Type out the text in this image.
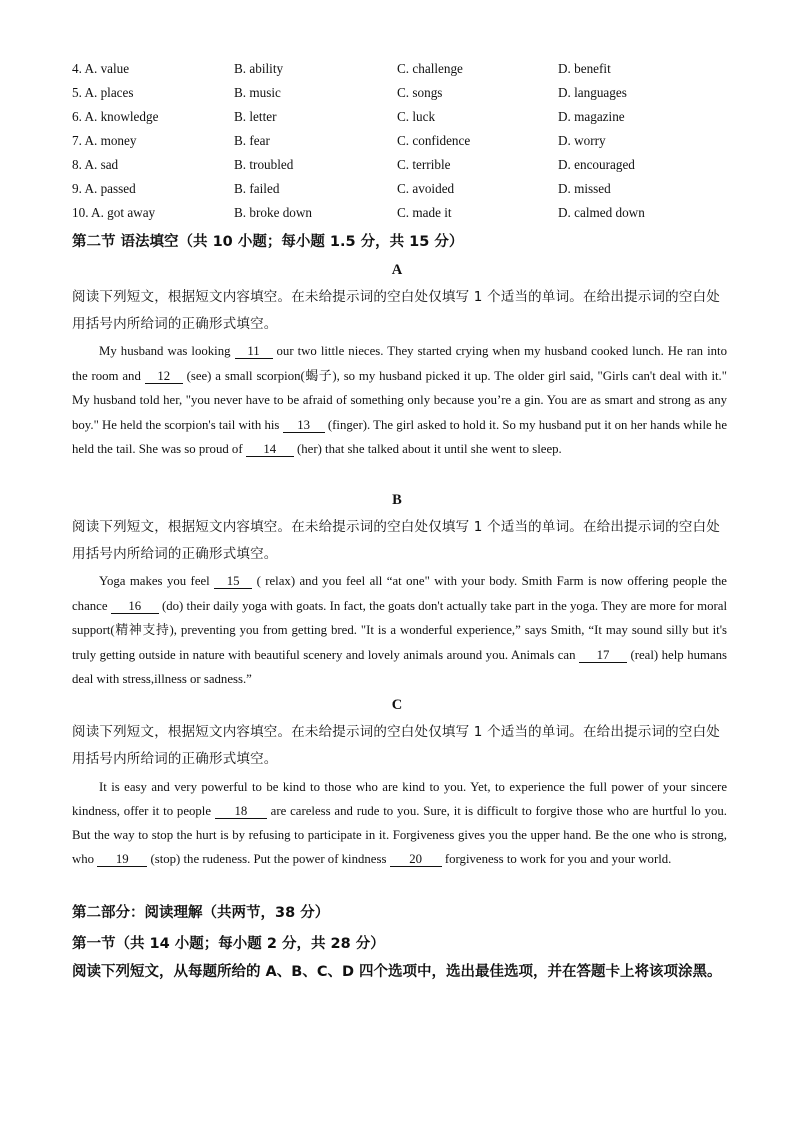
4. A. value	B. ability	C. challenge	D. benefit
5. A. places	B. music	C. songs	D. languages
6. A. knowledge	B. letter	C. luck	D. magazine
7. A. money	B. fear	C. confidence	D. worry
8. A. sad	B. troubled	C. terrible	D. encouraged
9. A. passed	B. failed	C. avoided	D. missed
10. A. got away	B. broke down	C. made it	D. calmed down
第二节 语法填空（共 10 小题；每小题 1.5 分，共 15 分）
A
阅读下列短文，根据短文内容填空。在未给提示词的空白处仅填写 1 个适当的单词。在给出提示词的空白处用括号内所给词的正确形式填空。
My husband was looking 11 our two little nieces. They started crying when my husband cooked lunch. He ran into the room and 12 (see) a small scorpion(蝎子), so my husband picked it up. The older girl said, "Girls can't deal with it." My husband told her, "you never have to be afraid of something only because you’re a gin. You are as smart and strong as any boy." He held the scorpion's tail with his 13 (finger). The girl asked to hold it. So my husband put it on her hands while he held the tail. She was so proud of 14 (her) that she talked about it until she went to sleep.
B
阅读下列短文，根据短文内容填空。在未给提示词的空白处仅填写 1 个适当的单词。在给出提示词的空白处用括号内所给词的正确形式填空。
Yoga makes you feel 15 ( relax) and you feel all “at one" with your body. Smith Farm is now offering people the chance 16 (do) their daily yoga with goats. In fact, the goats don't actually take part in the yoga. They are more for moral support(精神支持), preventing you from getting bred. "It is a wonderful experience,” says Smith, “It may sound silly but it's truly getting outside in nature with beautiful scenery and lovely animals around you. Animals can 17 (real) help humans deal with stress,illness or sadness.”
C
阅读下列短文，根据短文内容填空。在未给提示词的空白处仅填写 1 个适当的单词。在给出提示词的空白处用括号内所给词的正确形式填空。
It is easy and very powerful to be kind to those who are kind to you. Yet, to experience the full power of your sincere kindness, offer it to people 18 are careless and rude to you. Sure, it is difficult to forgive those who are hurtful lo you. But the way to stop the hurt is by refusing to participate in it. Forgiveness gives you the upper hand. Be the one who is strong, who 19 (stop) the rudeness. Put the power of kindness 20 forgiveness to work for you and your world.
第二部分：阅读理解（共两节，38 分）
第一节（共 14 小题；每小题 2 分，共 28 分）
阅读下列短文，从每题所给的 A、B、C、D 四个选项中，选出最佳选项，并在答题卡上将该项涂黑。
